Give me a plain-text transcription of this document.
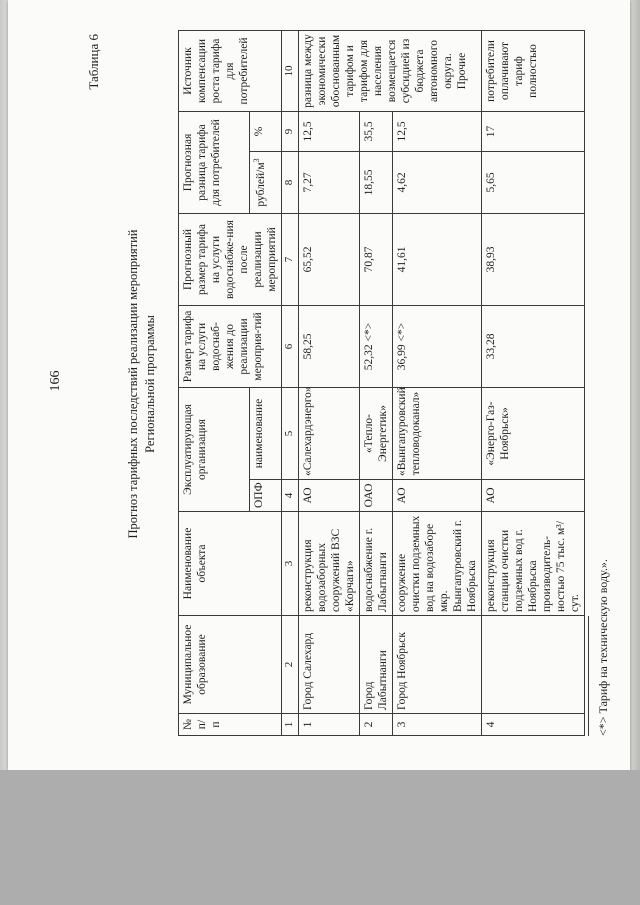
166
Таблица 6
Прогноз тарифных последствий реализации мероприятий Региональной программы
№ п/п	Муниципальное образование	Наименование объекта	Эксплуатирующая организация		Размер тарифа на услуги водоснаб-жения до реализации мероприя-тий	Прогнозный размер тарифа на услуги водоснабже-ния после реализации мероприятий	Прогнозная разница тарифа для потребителей		Источник компенсации роста тарифа для потребителей
			ОПФ	наименование			рублей/$м^3$	%	
1	2	3	4	5	6	7	8	9	10
1	Город Салехард	реконструкция водозаборных сооружений ВЗС «Корчаги»	АО	«Салехардэнерго»	58,25	65,52	7,27	12,5	разница между экономически обоснованным тарифом и тарифом для населения возмещается субсидией из бюджета автономного округа. Прочие
2	Город Лабытнанги	водоснабжение г. Лабытнанги	ОАО	«Тепло-Энергетик»	52,32 <*>	70,87	18,55	35,5	
3	Город Ноябрьск	сооружение очистки подземных вод на водозаборе мкр. Вынгапуровский г. Ноябрьска	АО	«Вынгапуровский тепловодоканал»	36,99 <*>	41,61	4,62	12,5	
4		реконструкция станции очистки подземных вод г. Ноябрьска производитель-ностью 75 тыс. м³/сут.	АО	«Энерго-Газ-Ноябрьск»	33,28	38,93	5,65	17	потребители оплачивают тариф полностью
<*> Тариф на техническую воду.».
